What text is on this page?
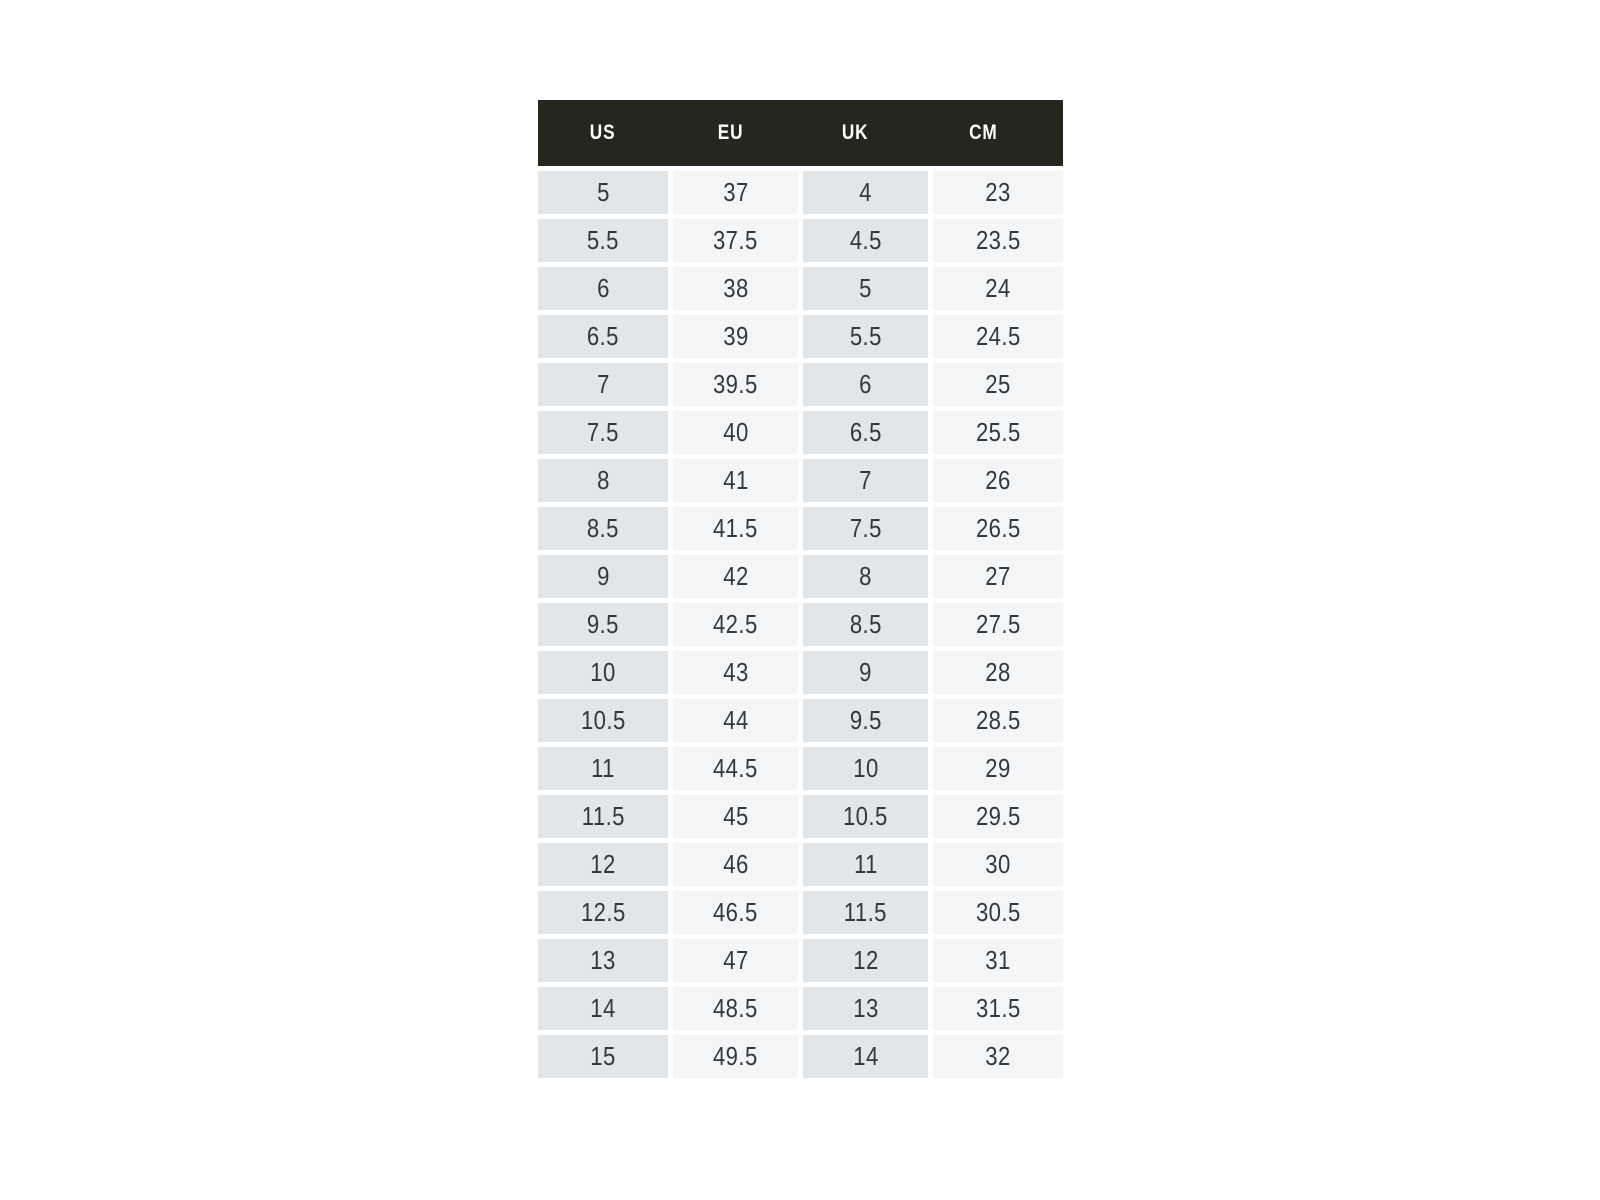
US	EU	UK	CM
5	37	4	23
5.5	37.5	4.5	23.5
6	38	5	24
6.5	39	5.5	24.5
7	39.5	6	25
7.5	40	6.5	25.5
8	41	7	26
8.5	41.5	7.5	26.5
9	42	8	27
9.5	42.5	8.5	27.5
10	43	9	28
10.5	44	9.5	28.5
11	44.5	10	29
11.5	45	10.5	29.5
12	46	11	30
12.5	46.5	11.5	30.5
13	47	12	31
14	48.5	13	31.5
15	49.5	14	32
